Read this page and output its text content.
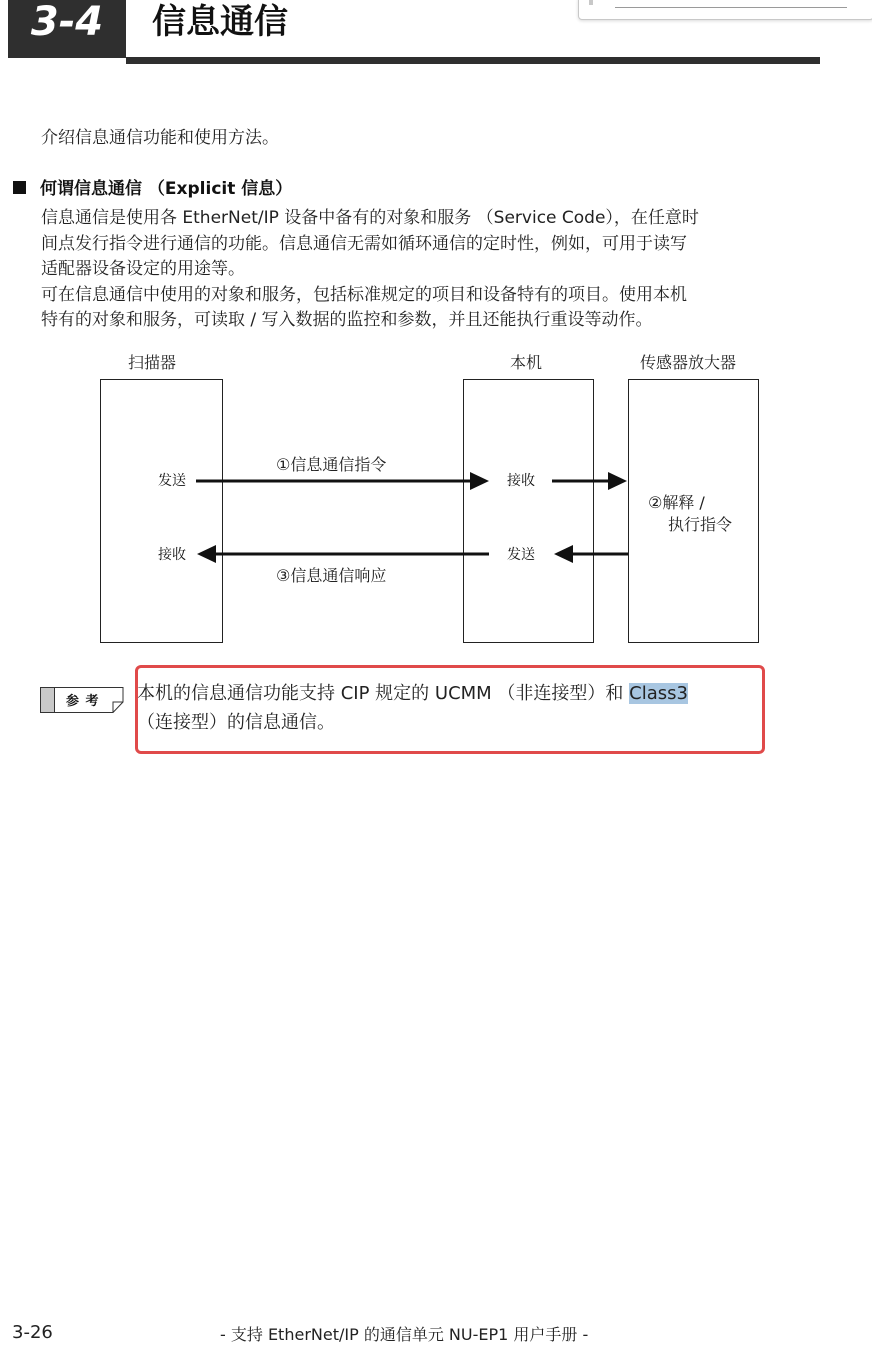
3-4	信息通信
介绍信息通信功能和使用方法。
何谓信息通信 （Explicit 信息）
信息通信是使用各 EtherNet/IP 设备中备有的对象和服务 （Service Code），在任意时
间点发行指令进行通信的功能。信息通信无需如循环通信的定时性，例如，可用于读写
适配器设备设定的用途等。
可在信息通信中使用的对象和服务，包括标准规定的项目和设备特有的项目。使用本机
特有的对象和服务，可读取 / 写入数据的监控和参数，并且还能执行重设等动作。
扫描器	本机	传感器放大器
发送
接收
接收
发送
①信息通信指令
③信息通信响应
②解释 /
执行指令
参 考 本机的信息通信功能支持 CIP 规定的 UCMM （非连接型）和 Class3
（连接型）的信息通信。
3-26	- 支持 EtherNet/IP 的通信单元 NU-EP1 用户手册 -
